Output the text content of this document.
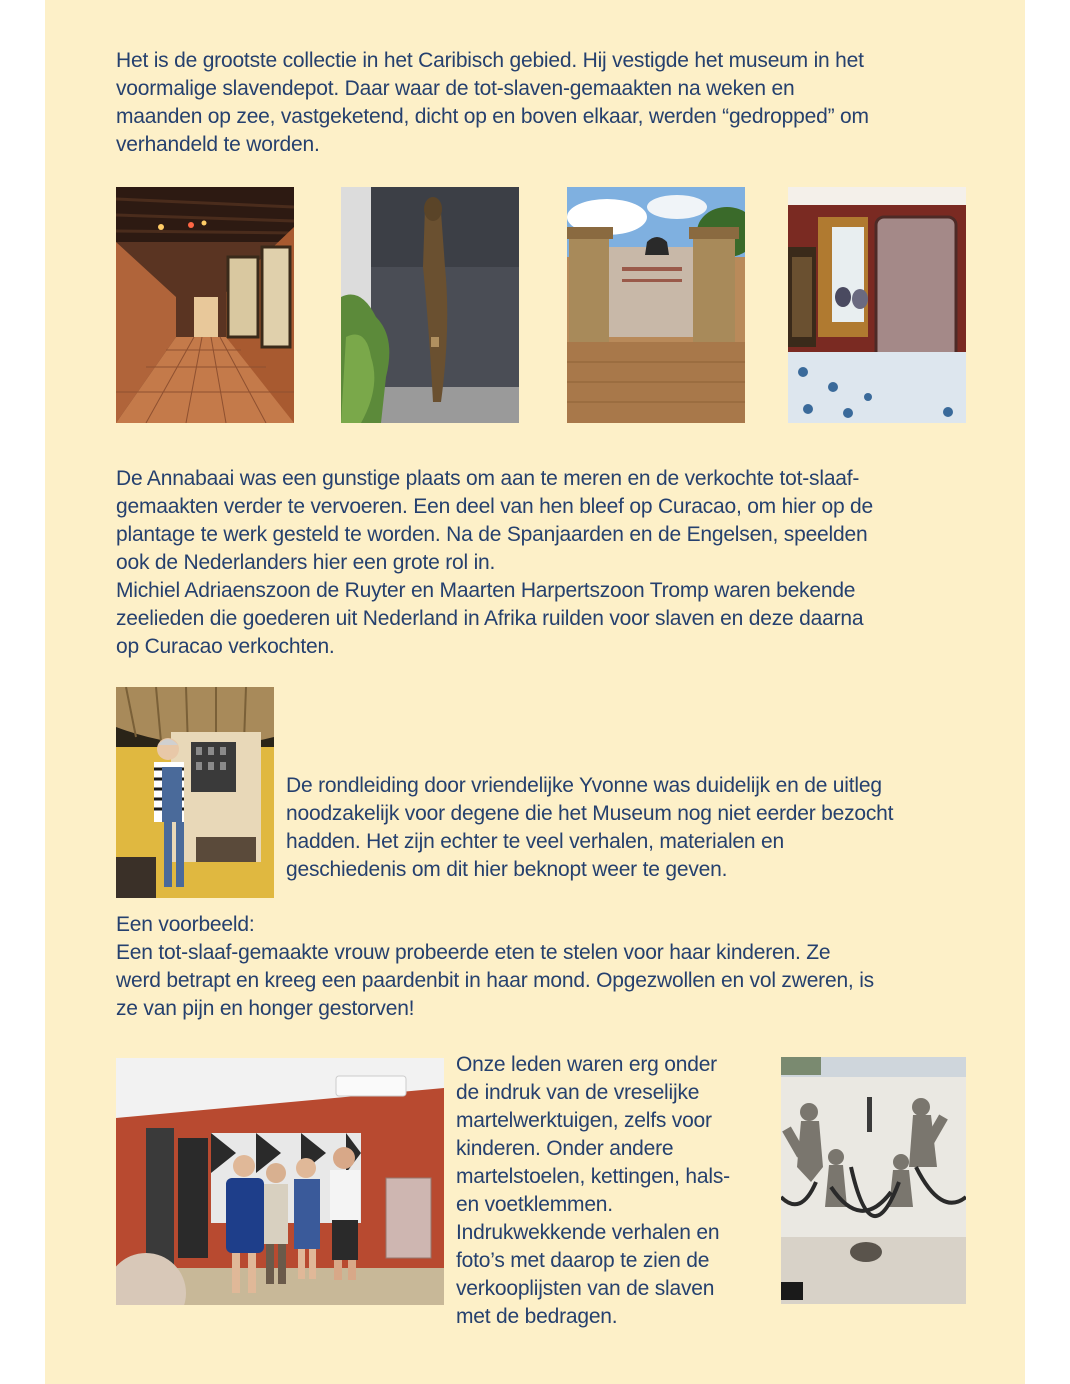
Het is de grootste collectie in het Caribisch gebied. Hij vestigde het museum in het
voormalige slavendepot. Daar waar de tot-slaven-gemaakten na weken en
maanden op zee, vastgeketend, dicht op en boven elkaar, werden “gedropped” om
verhandeld te worden.

De Annabaai was een gunstige plaats om aan te meren en de verkochte tot-slaaf-
gemaakten verder te vervoeren. Een deel van hen bleef op Curacao, om hier op de
plantage te werk gesteld te worden. Na de Spanjaarden en de Engelsen, speelden
ook de Nederlanders hier een grote rol in.
Michiel Adriaenszoon de Ruyter en Maarten Harpertszoon Tromp waren bekende
zeelieden die goederen uit Nederland in Afrika ruilden voor slaven en deze daarna
op Curacao verkochten.

De rondleiding door vriendelijke Yvonne was duidelijk en de uitleg
noodzakelijk voor degene die het Museum nog niet eerder bezocht
hadden. Het zijn echter te veel verhalen, materialen en
geschiedenis om dit hier beknopt weer te geven.

Een voorbeeld:
Een tot-slaaf-gemaakte vrouw probeerde eten te stelen voor haar kinderen. Ze
werd betrapt en kreeg een paardenbit in haar mond. Opgezwollen en vol zweren, is
ze van pijn en honger gestorven!

Onze leden waren erg onder
de indruk van de vreselijke
martelwerktuigen, zelfs voor
kinderen. Onder andere
martelstoelen, kettingen, hals-
en voetklemmen.
Indrukwekkende verhalen en
foto’s met daarop te zien de
verkooplijsten van de slaven
met de bedragen.
